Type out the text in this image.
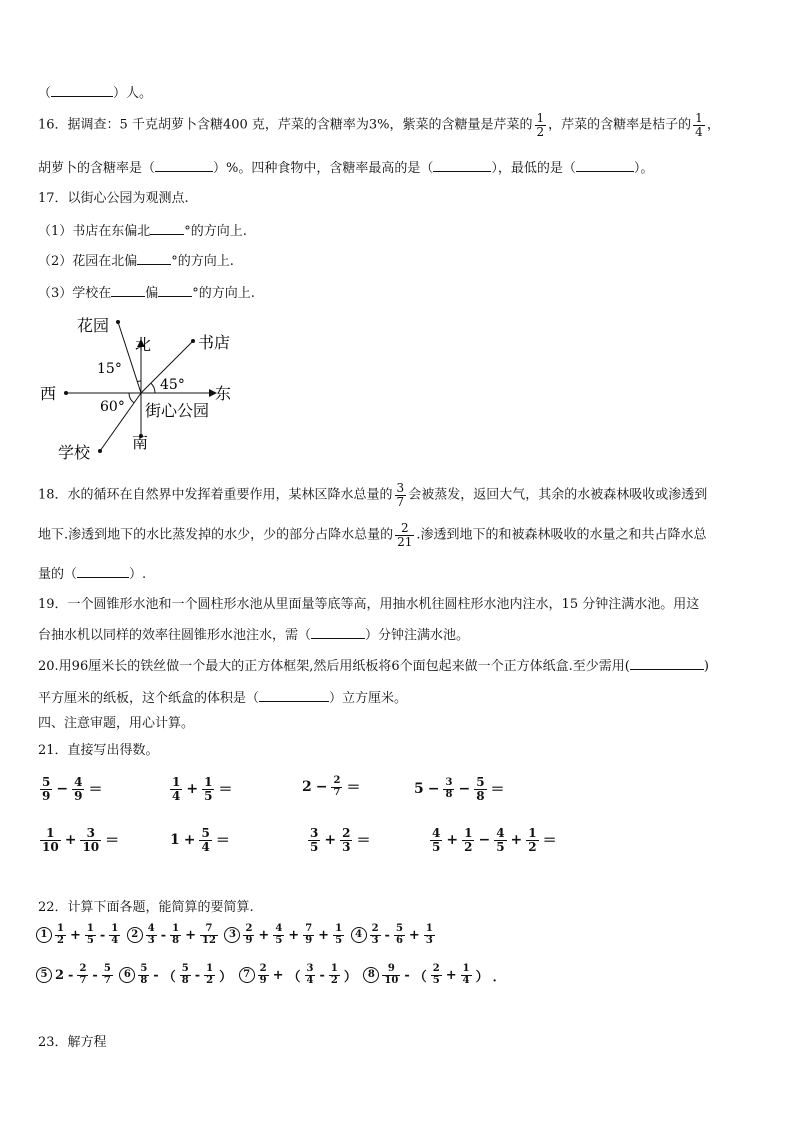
（	）人。
16．据调查：5 千克胡萝卜含糖400 克，芹菜的含糖率为3%，紫菜的含糖量是芹菜的 $\frac{1}{2}$ ，芹菜的含糖率是桔子的 $\frac{1}{4}$ ，
胡萝卜的含糖率是（	）%。四种食物中，含糖率最高的是（	），最低的是（	）。
17．以街心公园为观测点.
（1）书店在东偏北	°的方向上.
（2）花园在北偏	°的方向上.
（3）学校在	偏	°的方向上.
北
南
东
西
花园
书店
学校
街心公园
15°
45°
60°
18．水的循环在自然界中发挥着重要作用，某林区降水总量的 $\frac{3}{7}$ 会被蒸发，返回大气，其余的水被森林吸收或渗透到
地下.渗透到地下的水比蒸发掉的水少，少的部分占降水总量的 $\frac{2}{21}$ .渗透到地下的和被森林吸收的水量之和共占降水总
量的（	）.
19．一个圆锥形水池和一个圆柱形水池从里面量等底等高，用抽水机往圆柱形水池内注水，15 分钟注满水池。用这
台抽水机以同样的效率往圆锥形水池注水，需（	）分钟注满水池。
20.用96厘米长的铁丝做一个最大的正方体框架,然后用纸板将6个面包起来做一个正方体纸盒.至少需用(	)
平方厘米的纸板，这个纸盒的体积是（	）立方厘米。
四、注意审题，用心计算。
21．直接写出得数。
$\frac{5}{9} - \frac{4}{9}$ ＝	$\frac{1}{4} + \frac{1}{5}$ ＝	$2 - \frac{2}{7}$ ＝	$5 - \frac{3}{8} - \frac{5}{8}$ ＝
$\frac{1}{10} + \frac{3}{10}$ ＝	$1 + \frac{5}{4}$ ＝	$\frac{3}{5} + \frac{2}{3}$ ＝	$\frac{4}{5} + \frac{1}{2} - \frac{4}{5} + \frac{1}{2}$ ＝
22．计算下面各题，能简算的要简算.
$1 \frac{1}{2} + \frac{1}{5} - \frac{1}{4} 2 \frac{4}{3} - \frac{1}{8} + \frac{7}{12} 3 \frac{2}{9} + \frac{4}{5} + \frac{7}{9} + \frac{1}{5} 4 \frac{2}{3} - \frac{5}{6} + \frac{1}{3}$
5 $2 - \frac{2}{7} - \frac{5}{7} 6 \frac{5}{8}$ - （ $\frac{5}{8} - \frac{1}{2}$ ） $7 \frac{2}{9}$ + （ $\frac{3}{4} - \frac{1}{2}$ ） $8 \frac{9}{10}$ - （ $\frac{2}{5} + \frac{1}{4}$ ） ．
23．解方程
